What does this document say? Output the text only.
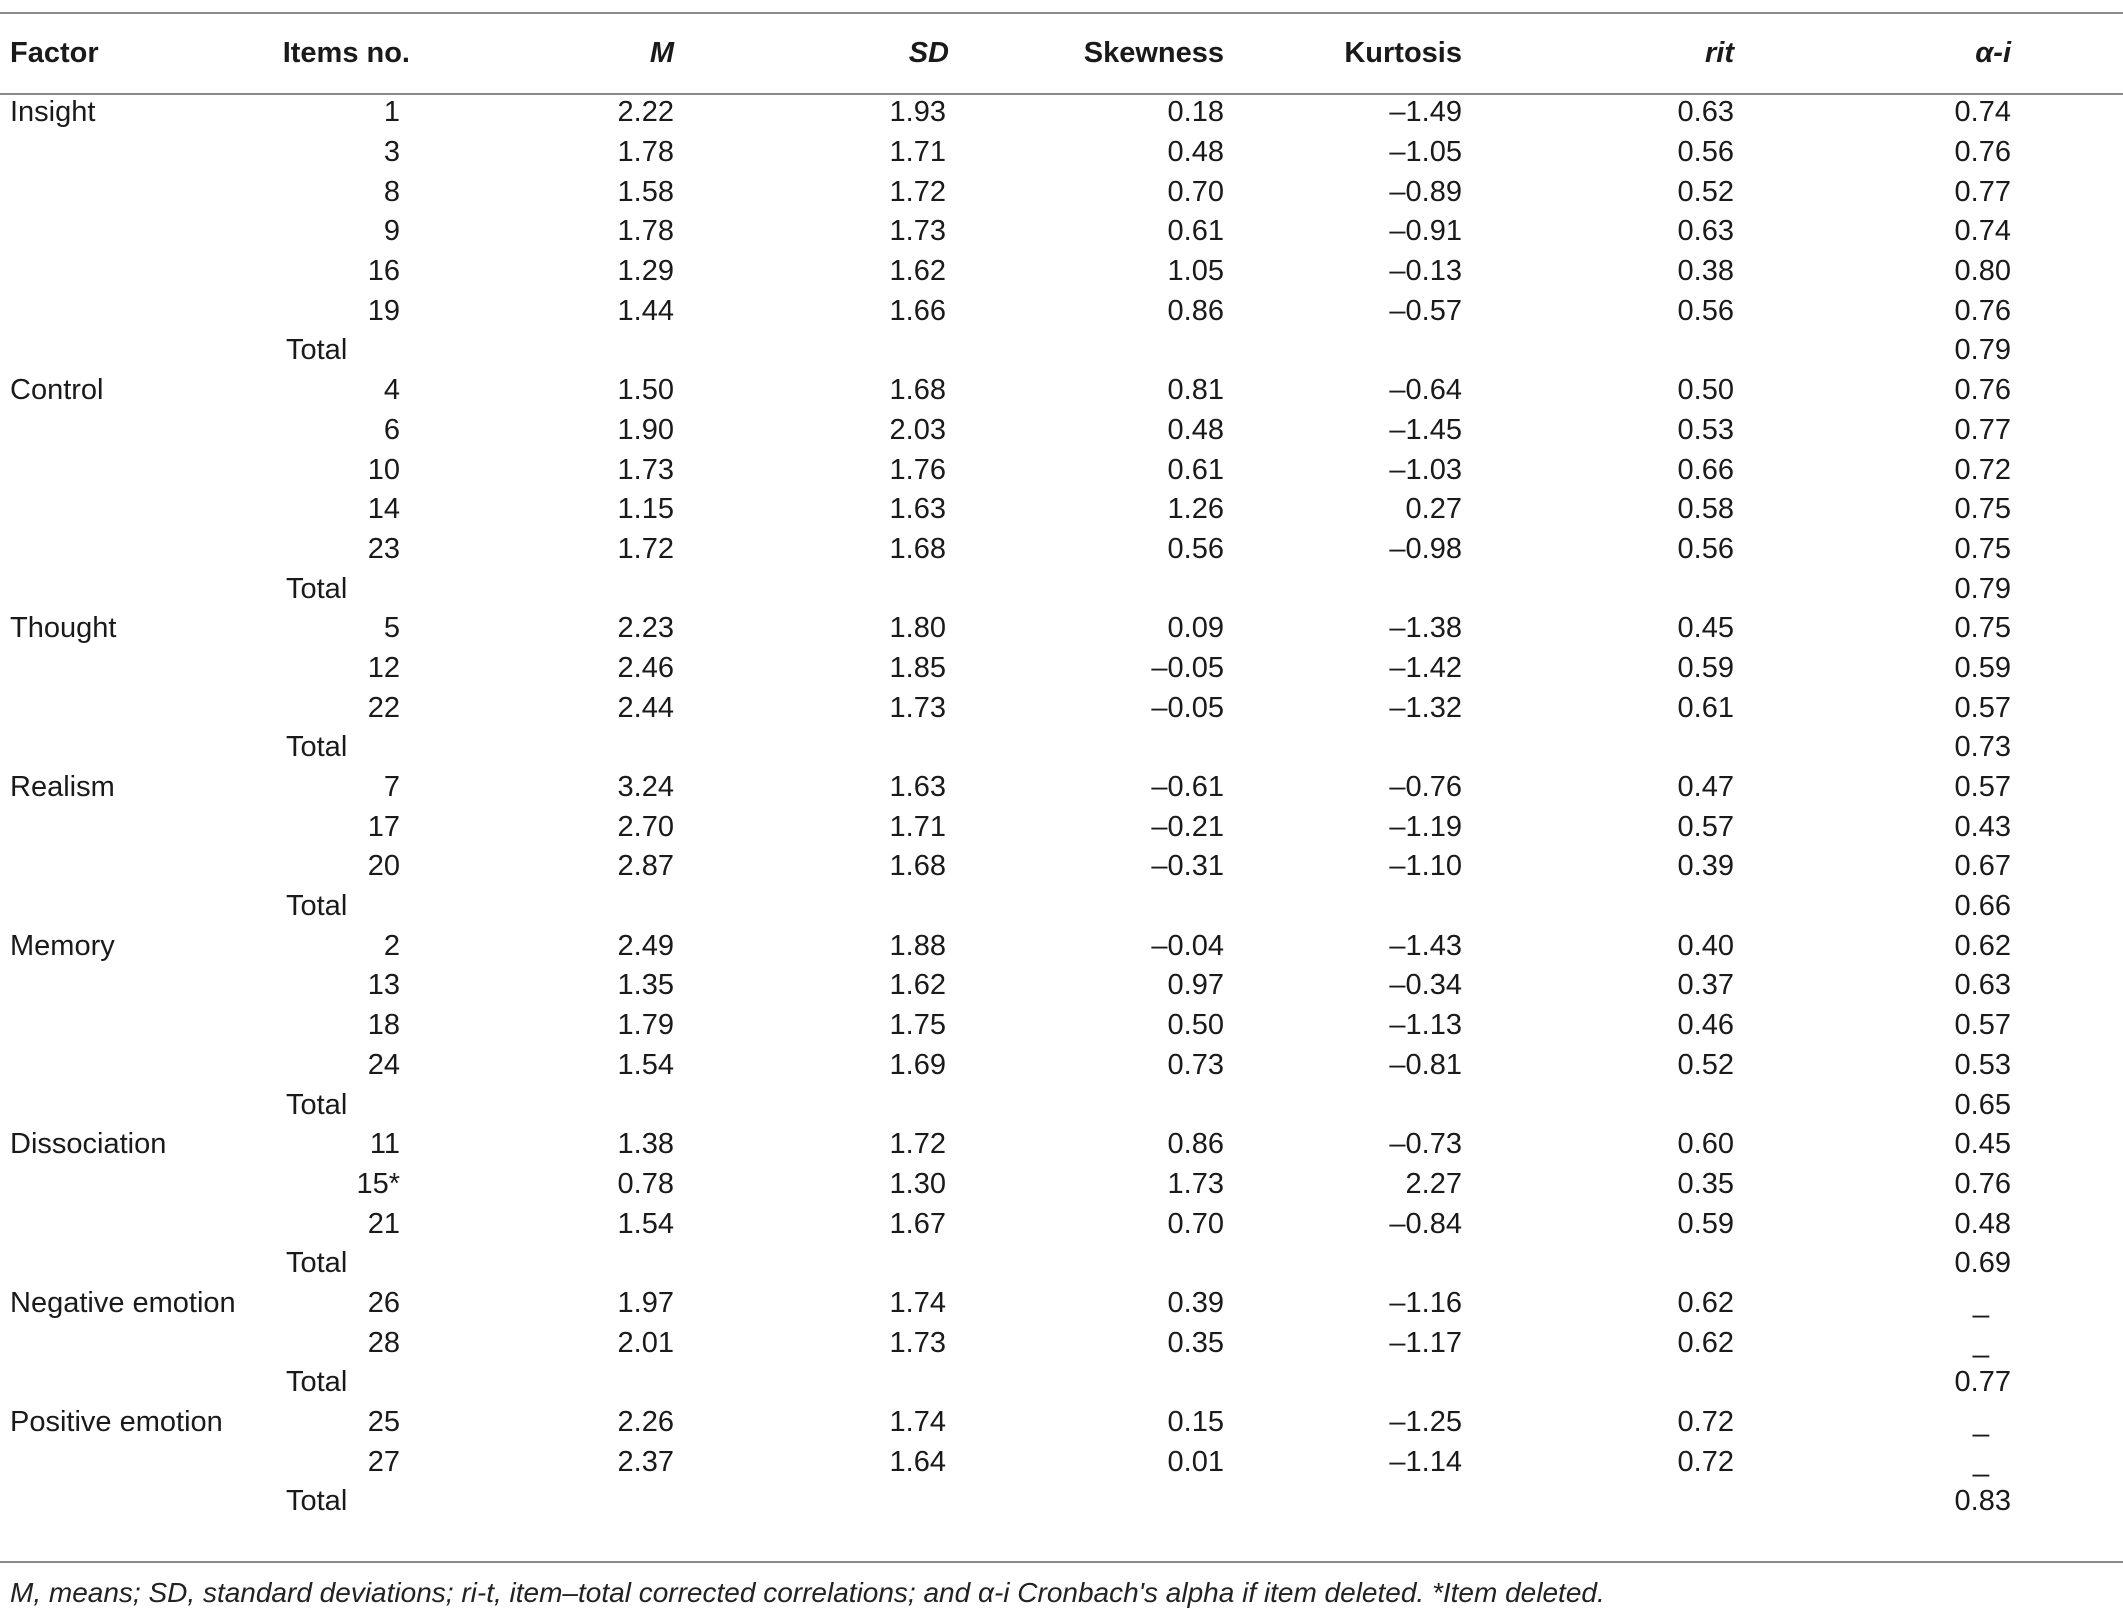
Factor	Items no.	M	SD	Skewness	Kurtosis	rit	α-i	
Insight	1	2.22	1.93	0.18	–1.49	0.63	0.74	
	3	1.78	1.71	0.48	–1.05	0.56	0.76	
	8	1.58	1.72	0.70	–0.89	0.52	0.77	
	9	1.78	1.73	0.61	–0.91	0.63	0.74	
	16	1.29	1.62	1.05	–0.13	0.38	0.80	
	19	1.44	1.66	0.86	–0.57	0.56	0.76	
Total							0.79	
Control	4	1.50	1.68	0.81	–0.64	0.50	0.76	
	6	1.90	2.03	0.48	–1.45	0.53	0.77	
	10	1.73	1.76	0.61	–1.03	0.66	0.72	
	14	1.15	1.63	1.26	0.27	0.58	0.75	
	23	1.72	1.68	0.56	–0.98	0.56	0.75	
Total							0.79	
Thought	5	2.23	1.80	0.09	–1.38	0.45	0.75	
	12	2.46	1.85	–0.05	–1.42	0.59	0.59	
	22	2.44	1.73	–0.05	–1.32	0.61	0.57	
Total							0.73	
Realism	7	3.24	1.63	–0.61	–0.76	0.47	0.57	
	17	2.70	1.71	–0.21	–1.19	0.57	0.43	
	20	2.87	1.68	–0.31	–1.10	0.39	0.67	
Total							0.66	
Memory	2	2.49	1.88	–0.04	–1.43	0.40	0.62	
	13	1.35	1.62	0.97	–0.34	0.37	0.63	
	18	1.79	1.75	0.50	–1.13	0.46	0.57	
	24	1.54	1.69	0.73	–0.81	0.52	0.53	
Total							0.65	
Dissociation	11	1.38	1.72	0.86	–0.73	0.60	0.45	
	15*	0.78	1.30	1.73	2.27	0.35	0.76	
	21	1.54	1.67	0.70	–0.84	0.59	0.48	
Total							0.69	
Negative emotion	26	1.97	1.74	0.39	–1.16	0.62	_	
	28	2.01	1.73	0.35	–1.17	0.62	_	
Total							0.77	
Positive emotion	25	2.26	1.74	0.15	–1.25	0.72	_	
	27	2.37	1.64	0.01	–1.14	0.72	_	
Total							0.83	
M, means; SD, standard deviations; ri-t, item–total corrected correlations; and α-i Cronbach's alpha if item deleted. *Item deleted.
